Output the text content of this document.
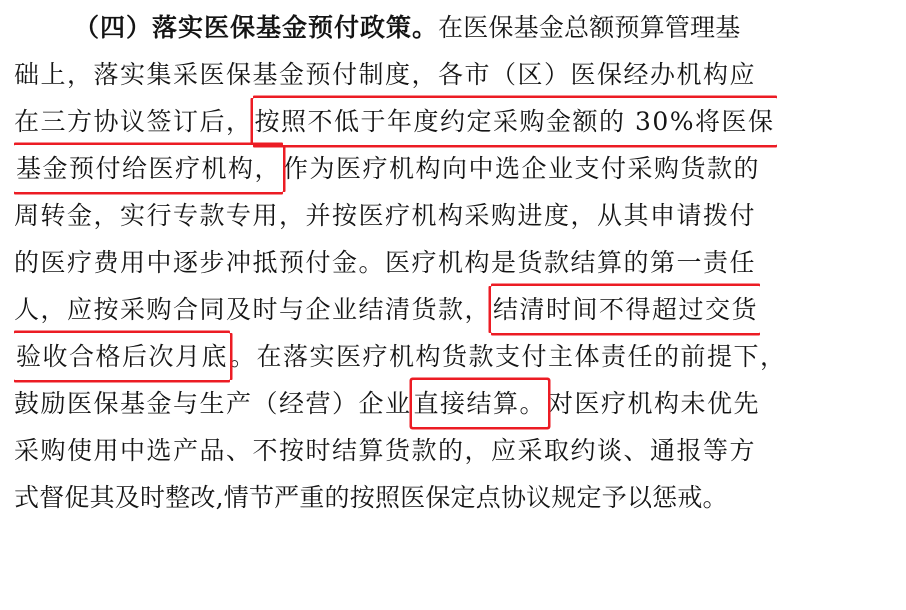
（四）落实医保基金预付政策。在医保基金总额预算管理基
础上，落实集采医保基金预付制度，各市（区）医保经办机构应
在三方协议签订后，按照不低于年度约定采购金额的 30%将医保
基金预付给医疗机构，作为医疗机构向中选企业支付采购货款的
周转金，实行专款专用，并按医疗机构采购进度，从其申请拨付
的医疗费用中逐步冲抵预付金。医疗机构是货款结算的第一责任
人，应按采购合同及时与企业结清货款，结清时间不得超过交货
验收合格后次月底。在落实医疗机构货款支付主体责任的前提下，
鼓励医保基金与生产（经营）企业直接结算。对医疗机构未优先
采购使用中选产品、不按时结算货款的，应采取约谈、通报等方
式督促其及时整改,情节严重的按照医保定点协议规定予以惩戒。
